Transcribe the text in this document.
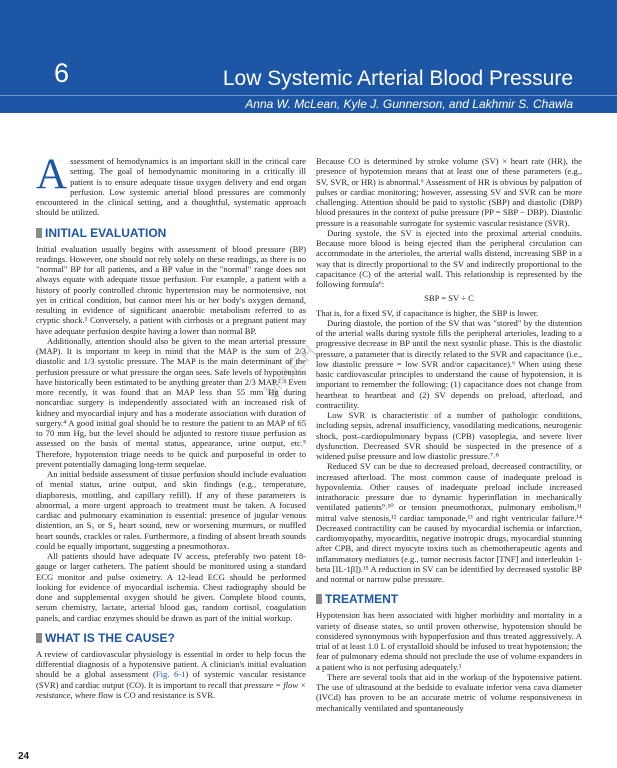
6	Low Systemic Arterial Blood Pressure
Anna W. McLean, Kyle J. Gunnerson, and Lakhmir S. Chawla
MHEH

Assessment of hemodynamics is an important skill in the critical care setting. The goal of hemodynamic monitoring in a critically ill patient is to ensure adequate tissue oxygen delivery and end organ perfusion. Low systemic arterial blood pressures are commonly encountered in the clinical setting, and a thoughtful, systematic approach should be utilized.

INITIAL EVALUATION

Initial evaluation usually begins with assessment of blood pressure (BP) readings. However, one should not rely solely on these readings, as there is no "normal" BP for all patients, and a BP value in the "normal" range does not always equate with adequate tissue perfusion. For example, a patient with a history of poorly controlled chronic hypertension may be normotensive, not yet in critical condition, but cannot meet his or her body's oxygen demand, resulting in evidence of significant anaerobic metabolism referred to as cryptic shock.¹ Conversely, a patient with cirrhosis or a pregnant patient may have adequate perfusion despite having a lower than normal BP.

Additionally, attention should also be given to the mean arterial pressure (MAP). It is important to keep in mind that the MAP is the sum of 2/3 diastolic and 1/3 systolic pressure. The MAP is the main determinant of the perfusion pressure or what pressure the organ sees. Safe levels of hypotension have historically been estimated to be anything greater than 2/3 MAP.²˒³ Even more recently, it was found that an MAP less than 55 mm Hg during noncardiac surgery is independently associated with an increased risk of kidney and myocardial injury and has a moderate association with duration of surgery.⁴ A good initial goal should be to restore the patient to an MAP of 65 to 70 mm Hg, but the level should be adjusted to restore tissue perfusion as assessed on the basis of mental status, appearance, urine output, etc.⁵ Therefore, hypotension triage needs to be quick and purposeful in order to prevent potentially damaging long-term sequelae.

An initial bedside assessment of tissue perfusion should include evaluation of mental status, urine output, and skin findings (e.g., temperature, diaphoresis, mottling, and capillary refill). If any of these parameters is abnormal, a more urgent approach to treatment must be taken. A focused cardiac and pulmonary examination is essential: presence of jugular venous distention, an S₃ or S₄ heart sound, new or worsening murmurs, or muffled heart sounds, crackles or rales. Furthermore, a finding of absent breath sounds could be equally important, suggesting a pneumothorax.

All patients should have adequate IV access, preferably two patent 18-gauge or larger catheters. The patient should be monitored using a standard ECG monitor and pulse oximetry. A 12-lead ECG should be performed looking for evidence of myocardial ischemia. Chest radiography should be done and supplemental oxygen should be given. Complete blood counts, serum chemistry, lactate, arterial blood gas, random cortisol, coagulation panels, and cardiac enzymes should be drawn as part of the initial workup.

WHAT IS THE CAUSE?

A review of cardiovascular physiology is essential in order to help focus the differential diagnosis of a hypotensive patient. A clinician's initial evaluation should be a global assessment (Fig. 6-1) of systemic vascular resistance (SVR) and cardiac output (CO). It is important to recall that pressure = flow × resistance, where flow is CO and resistance is SVR.

Because CO is determined by stroke volume (SV) × heart rate (HR), the presence of hypotension means that at least one of these parameters (e.g., SV, SVR, or HR) is abnormal.⁶ Assessment of HR is obvious by palpation of pulses or cardiac monitoring; however, assessing SV and SVR can be more challenging. Attention should be paid to systolic (SBP) and diastolic (DBP) blood pressures in the context of pulse pressure (PP = SBP − DBP). Diastolic pressure is a reasonable surrogate for systemic vascular resistance (SVR).

During systole, the SV is ejected into the proximal arterial conduits. Because more blood is being ejected than the peripheral circulation can accommodate in the arterioles, the arterial walls distend, increasing SBP in a way that is directly proportional to the SV and indirectly proportional to the capacitance (C) of the arterial wall. This relationship is represented by the following formula⁶:

SBP = SV ÷ C

That is, for a fixed SV, if capacitance is higher, the SBP is lower.

During diastole, the portion of the SV that was "stored" by the distention of the arterial walls during systole fills the peripheral arterioles, leading to a progressive decrease in BP until the next systolic phase. This is the diastolic pressure, a parameter that is directly related to the SVR and capacitance (i.e., low diastolic pressure = low SVR and/or capacitance).⁶ When using these basic cardiovascular principles to understand the cause of hypotension, it is important to remember the following: (1) capacitance does not change from heartbeat to heartbeat and (2) SV depends on preload, afterload, and contractility.

Low SVR is characteristic of a number of pathologic conditions, including sepsis, adrenal insufficiency, vasodilating medications, neurogenic shock, post–cardiopulmonary bypass (CPB) vasoplegia, and severe liver dysfunction. Decreased SVR should be suspected in the presence of a widened pulse pressure and low diastolic pressure.⁷˒⁸

Reduced SV can be due to decreased preload, decreased contractility, or increased afterload. The most common cause of inadequate preload is hypovolemia. Other causes of inadequate preload include increased intrathoracic pressure due to dynamic hyperinflation in mechanically ventilated patients⁹˒¹⁰ or tension pneumothorax, pulmonary embolism,¹¹ mitral valve stenosis,¹² cardiac tamponade,¹³ and right ventricular failure.¹⁴ Decreased contractility can be caused by myocardial ischemia or infarction, cardiomyopathy, myocarditis, negative inotropic drugs, myocardial stunning after CPB, and direct myocyte toxins such as chemotherapeutic agents and inflammatory mediators (e.g., tumor necrosis factor [TNF] and interleukin 1-beta [IL-1β]).¹⁵ A reduction in SV can be identified by decreased systolic BP and normal or narrow pulse pressure.

TREATMENT

Hypotension has been associated with higher morbidity and mortality in a variety of disease states, so until proven otherwise, hypotension should be considered synonymous with hypoperfusion and thus treated aggressively. A trial of at least 1.0 L of crystalloid should be infused to treat hypotension; the fear of pulmonary edema should not preclude the use of volume expanders in a patient who is not perfusing adequately.¹

There are several tools that aid in the workup of the hypotensive patient. The use of ultrasound at the bedside to evaluate inferior vena cava diameter (IVCd) has proven to be an accurate metric of volume responsiveness in mechanically ventilated and spontaneously

24
